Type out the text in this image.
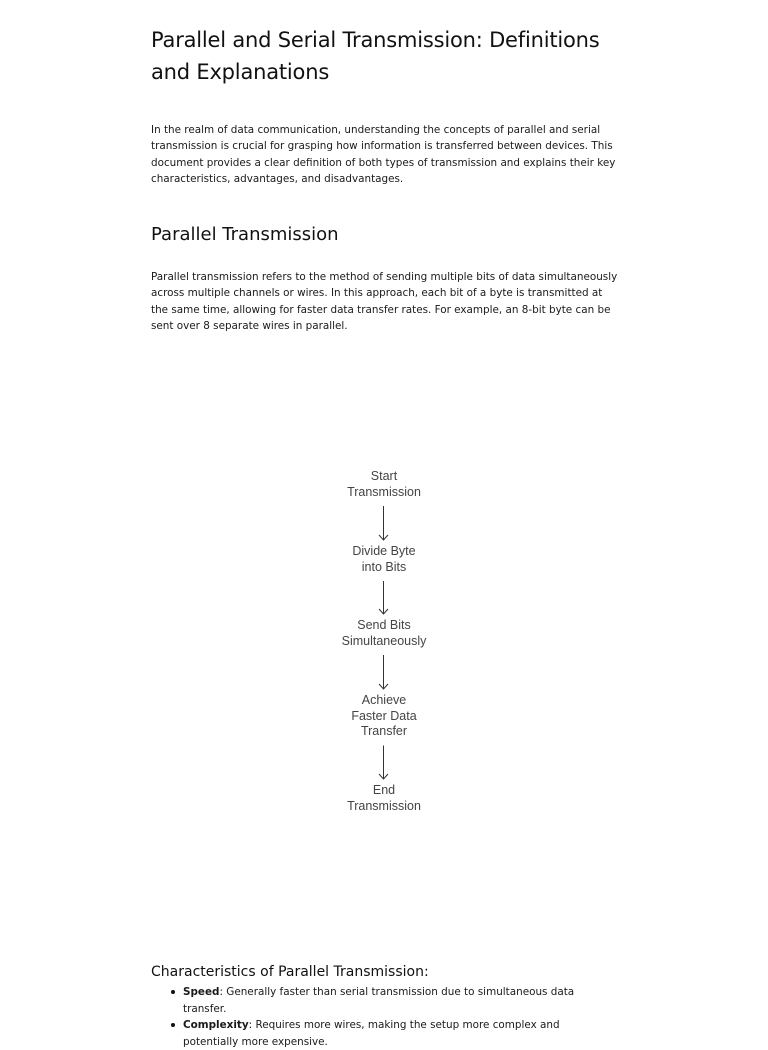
Parallel and Serial Transmission: Definitions and Explanations

In the realm of data communication, understanding the concepts of parallel and serial transmission is crucial for grasping how information is transferred between devices. This document provides a clear definition of both types of transmission and explains their key characteristics, advantages, and disadvantages.

Parallel Transmission

Parallel transmission refers to the method of sending multiple bits of data simultaneously across multiple channels or wires. In this approach, each bit of a byte is transmitted at the same time, allowing for faster data transfer rates. For example, an 8-bit byte can be sent over 8 separate wires in parallel.

Characteristics of Parallel Transmission:
Speed: Generally faster than serial transmission due to simultaneous data transfer.
Complexity: Requires more wires, making the setup more complex and potentially more expensive.
Start
Transmission
Divide Byte
into Bits
Send Bits
Simultaneously
Achieve
Faster Data
Transfer
End
Transmission
